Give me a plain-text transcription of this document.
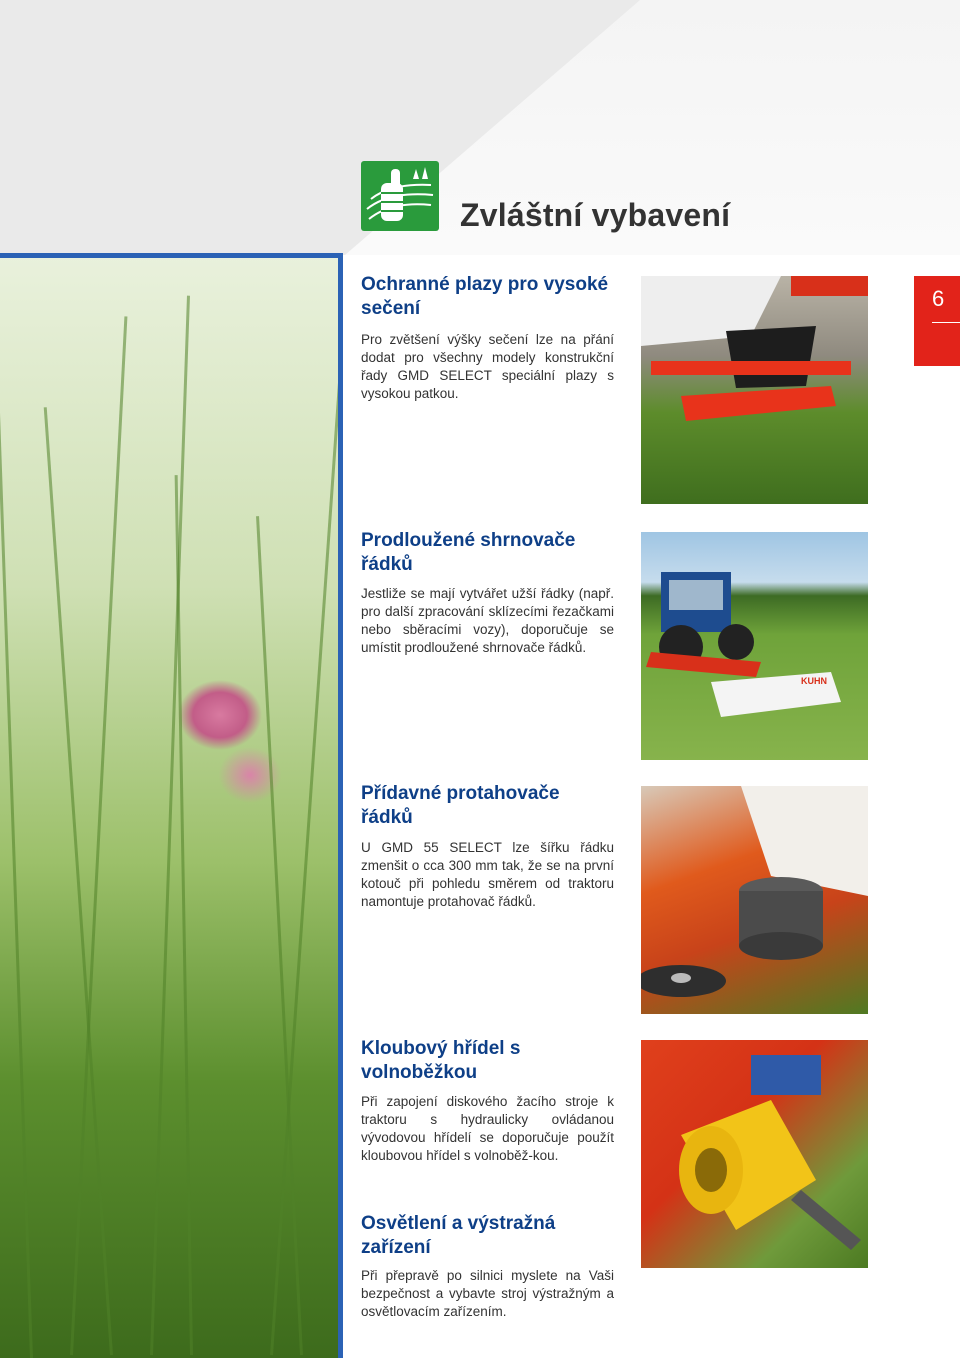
Zvláštní vybavení
6
Ochranné plazy pro vysoké sečení

Pro zvětšení výšky sečení lze na přání dodat pro všechny modely konstrukční řady GMD SELECT speciální plazy s vysokou patkou.

Prodloužené shrnovače řádků

Jestliže se mají vytvářet užší řádky (např. pro další zpracování sklízecími řezačkami nebo sběracími vozy), doporučuje se umístit prodloužené shrnovače řádků.

KUHN
Přídavné protahovače řádků

U GMD 55 SELECT lze šířku řádku zmenšit o cca 300 mm tak, že se na první kotouč při pohledu směrem od traktoru namontuje protahovač řádků.

Kloubový hřídel s volnoběžkou

Při zapojení diskového žacího stroje k traktoru s hydraulicky ovládanou vývodovou hřídelí se doporučuje použít kloubovou hřídel s volnoběž-kou.

Osvětlení a výstražná zařízení

Při přepravě po silnici myslete na Vaši bezpečnost a vybavte stroj výstražným a osvětlovacím zařízením.
